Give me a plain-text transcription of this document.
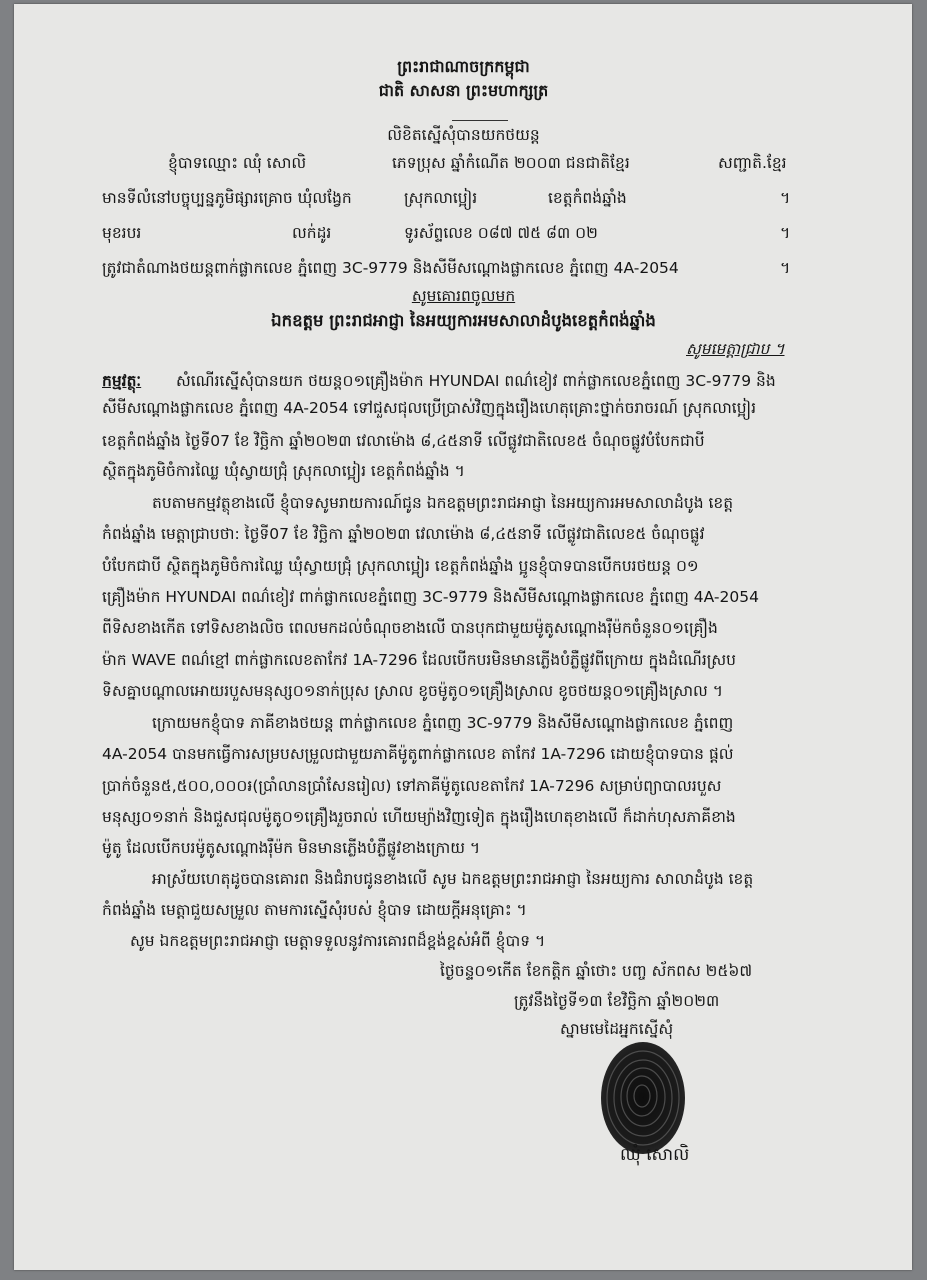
ព្រះរាជាណាចក្រកម្ពុជា
ជាតិ សាសនា ព្រះមហាក្សត្រ
លិខិតស្នើសុំបានយកថយន្ត
ខ្ញុំបាទឈ្មោះ ឈុំ សោលិ	ភេទប្រុស ឆ្នាំកំណើត ២០០៣ ជនជាតិខ្មែរ	សញ្ជាតិ.ខ្មែរ
មានទីលំនៅបច្ចុប្បន្នភូមិផ្សារគ្រោច ឃុំលង្វែក	ស្រុកលាប្អៀរ	ខេត្តកំពង់ឆ្នាំង	។
មុខរបរ	លក់ដូរ	ទូរស័ព្ទលេខ ០៨៧ ៧៥ ៨៣ ០២	។
ត្រូវជាតំណាងថយន្តពាក់ផ្លាកលេខ ភ្នំពេញ 3C-9779 និងសីមីសណ្តោងផ្លាកលេខ ភ្នំពេញ 4A-2054	។
សូមគោរពចូលមក
ឯកឧត្តម ព្រះរាជអាជ្ញា នៃអយ្យការអមសាលាដំបូងខេត្តកំពង់ឆ្នាំង
សូមមេត្តាជ្រាប ។
កម្មវត្ថុៈ សំណើរស្នើសុំបានយក ថយន្ត០១គ្រឿងម៉ាក HYUNDAI ពណ៌ខៀវ ពាក់ផ្លាកលេខភ្នំពេញ 3C-9779 និង
សីមីសណ្តោងផ្លាកលេខ ភ្នំពេញ 4A-2054 ទៅជួសជុលប្រើប្រាស់វិញក្នុងរឿងហេតុគ្រោះថ្នាក់ចរាចរណ៍ ស្រុកលាប្អៀរ
ខេត្តកំពង់ឆ្នាំង ថ្ងៃទី07 ខែ វិច្ឆិកា ឆ្នាំ២០២៣ វេលាម៉ោង ៨,៤៥នាទី លើផ្លូវជាតិលេខ៥ ចំណុចផ្លូវបំបែកជាបី
ស្ថិតក្នុងភូមិចំការឈ្លៃ ឃុំស្វាយជ្រុំ ស្រុកលាប្អៀរ ខេត្តកំពង់ឆ្នាំង ។
តបតាមកម្មវត្ថុខាងលើ ខ្ញុំបាទសូមរាយការណ៍ជូន ឯកឧត្តមព្រះរាជអាជ្ញា នៃអយ្យការអមសាលាដំបូង ខេត្ត
កំពង់ឆ្នាំង មេត្តាជ្រាបថា: ថ្ងៃទី07 ខែ វិច្ឆិកា ឆ្នាំ២០២៣ វេលាម៉ោង ៨,៤៥នាទី លើផ្លូវជាតិលេខ៥ ចំណុចផ្លូវ
បំបែកជាបី ស្ថិតក្នុងភូមិចំការឈ្លៃ ឃុំស្វាយជ្រុំ ស្រុកលាប្អៀរ ខេត្តកំពង់ឆ្នាំង ប្អូនខ្ញុំបាទបានបើកបរថយន្ត ០១
គ្រឿងម៉ាក HYUNDAI ពណ៌ខៀវ ពាក់ផ្លាកលេខភ្នំពេញ 3C-9779 និងសីមីសណ្តោងផ្លាកលេខ ភ្នំពេញ 4A-2054
ពីទិសខាងកើត ទៅទិសខាងលិច ពេលមកដល់ចំណុចខាងលើ បានបុកជាមួយម៉ូតូសណ្តោងរ៉ឺម៉កចំនួន០១គ្រឿង
ម៉ាក WAVE ពណ៌ខ្មៅ ពាក់ផ្លាកលេខតាកែវ 1A-7296 ដែលបើកបរមិនមានភ្លើងបំភ្លឺផ្លូវពីក្រោយ ក្នុងដំណើរស្រប
ទិសគ្នាបណ្តាលអោយរបួសមនុស្ស០១នាក់ប្រុស ស្រាល ខូចម៉ូតូ០១គ្រឿងស្រាល ខូចថយន្ត០១គ្រឿងស្រាល ។
ក្រោយមកខ្ញុំបាទ ភាគីខាងថយន្ត ពាក់ផ្លាកលេខ ភ្នំពេញ 3C-9779 និងសីមីសណ្តោងផ្លាកលេខ ភ្នំពេញ
4A-2054 បានមកធ្វើការសម្របសម្រួលជាមួយភាគីម៉ូតូពាក់ផ្លាកលេខ តាកែវ 1A-7296 ដោយខ្ញុំបាទបាន ផ្តល់
ប្រាក់ចំនួន៥,៥០០,០០០៛(ប្រាំលានប្រាំសែនរៀល) ទៅភាគីម៉ូតូលេខតាកែវ 1A-7296 សម្រាប់ព្យាបាលរបួស
មនុស្ស០១នាក់ និងជួសជុលម៉ូតូ០១គ្រឿងរួចរាល់ ហើយម្យ៉ាងវិញទៀត ក្នុងរឿងហេតុខាងលើ ក៏ដាក់ហុសភាគីខាង
ម៉ូតូ ដែលបើកបរម៉ូតូសណ្តោងរ៉ឺម៉ក មិនមានភ្លើងបំភ្លឺផ្លូវខាងក្រោយ ។
អាស្រ័យហេតុដូចបានគោរព និងជំរាបជូនខាងលើ សូម ឯកឧត្តមព្រះរាជអាជ្ញា នៃអយ្យការ សាលាដំបូង ខេត្ត
កំពង់ឆ្នាំង មេត្តាជួយសម្រួល តាមការស្នើសុំរបស់ ខ្ញុំបាទ ដោយក្តីអនុគ្រោះ ។
សូម ឯកឧត្តមព្រះរាជអាជ្ញា មេត្តាទទួលនូវការគោរពដ៏ខ្ពង់ខ្ពស់អំពី ខ្ញុំបាទ ។
ថ្ងៃចន្ទ០១កើត ខែកត្តិក ឆ្នាំថោះ បញ្ច ស័កពស ២៥៦៧
ត្រូវនឹងថ្ងៃទី១៣ ខែវិច្ឆិកា ឆ្នាំ២០២៣
ស្នាមមេដៃអ្នកស្នើសុំ
ឈុំ សោលិ
